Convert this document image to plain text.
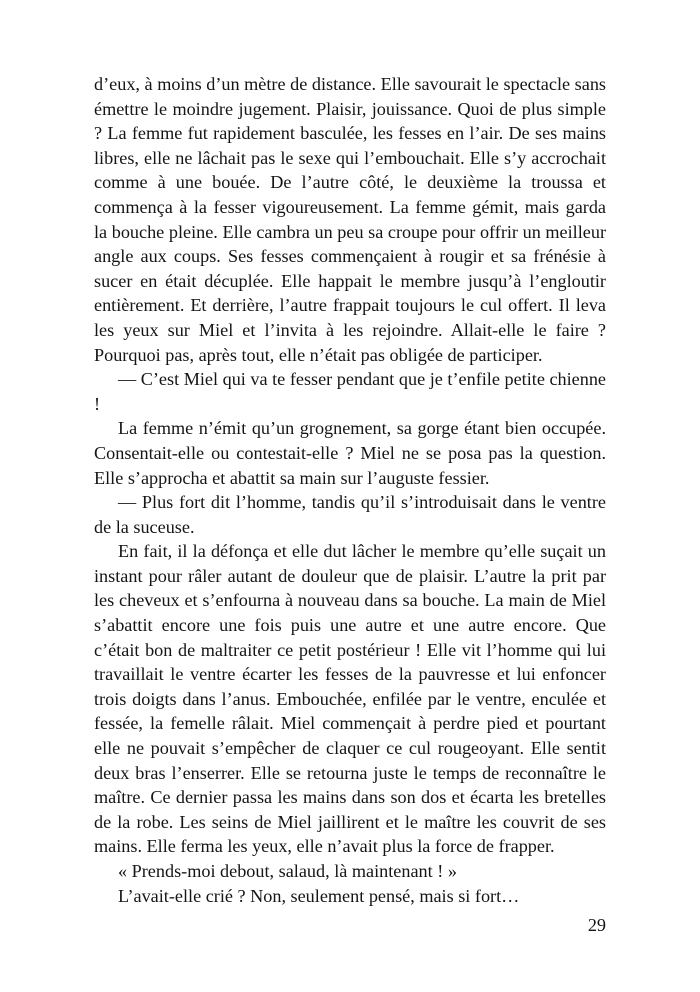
d’eux, à moins d’un mètre de distance. Elle savourait le spectacle sans émettre le moindre jugement. Plaisir, jouissance. Quoi de plus simple ? La femme fut rapidement basculée, les fesses en l’air. De ses mains libres, elle ne lâchait pas le sexe qui l’embouchait. Elle s’y accrochait comme à une bouée. De l’autre côté, le deuxième la troussa et commença à la fesser vigoureusement. La femme gémit, mais garda la bouche pleine. Elle cambra un peu sa croupe pour offrir un meilleur angle aux coups. Ses fesses commençaient à rougir et sa frénésie à sucer en était décuplée. Elle happait le membre jusqu’à l’engloutir entièrement. Et derrière, l’autre frappait toujours le cul offert. Il leva les yeux sur Miel et l’invita à les rejoindre. Allait-elle le faire ? Pourquoi pas, après tout, elle n’était pas obligée de participer.

— C’est Miel qui va te fesser pendant que je t’enfile petite chienne !

La femme n’émit qu’un grognement, sa gorge étant bien occupée. Consentait-elle ou contestait-elle ? Miel ne se posa pas la question. Elle s’approcha et abattit sa main sur l’auguste fessier.

— Plus fort dit l’homme, tandis qu’il s’introduisait dans le ventre de la suceuse.

En fait, il la défonça et elle dut lâcher le membre qu’elle suçait un instant pour râler autant de douleur que de plaisir. L’autre la prit par les cheveux et s’enfourna à nouveau dans sa bouche. La main de Miel s’abattit encore une fois puis une autre et une autre encore. Que c’était bon de maltraiter ce petit postérieur ! Elle vit l’homme qui lui travaillait le ventre écarter les fesses de la pauvresse et lui enfoncer trois doigts dans l’anus. Embouchée, enfilée par le ventre, enculée et fessée, la femelle râlait. Miel commençait à perdre pied et pourtant elle ne pouvait s’empêcher de claquer ce cul rougeoyant. Elle sentit deux bras l’enserrer. Elle se retourna juste le temps de reconnaître le maître. Ce dernier passa les mains dans son dos et écarta les bretelles de la robe. Les seins de Miel jaillirent et le maître les couvrit de ses mains. Elle ferma les yeux, elle n’avait plus la force de frapper.

« Prends-moi debout, salaud, là maintenant ! »

L’avait-elle crié ? Non, seulement pensé, mais si fort…

29
